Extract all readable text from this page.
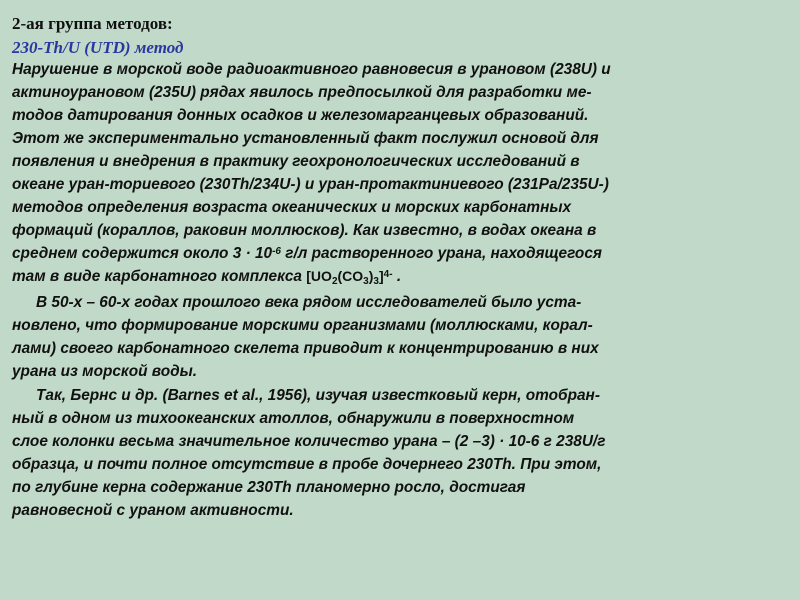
2-ая группа методов:
230-Th/U (UTD) метод
Нарушение в морской воде радиоактивного равновесия в урановом (238U) и
актиноурановом (235U) рядах явилось предпосылкой для разработки ме-
тодов датирования донных осадков и железомарганцевых образований.
Этот же экспериментально установленный факт послужил основой для
появления и внедрения в практику геохронологических исследований в
океане уран-ториевого (230Th/234U-) и уран-протактиниевого (231Pa/235U-)
методов определения возраста океанических и морских карбонатных
формаций (кораллов, раковин моллюсков). Как известно, в водах океана в
среднем содержится около $3 \cdot 10^{-6}$ г/л растворенного урана, находящегося
там в виде карбонатного комплекса $[UO_2(CO_3)_3]^{4-}$ .
В 50-х – 60-х годах прошлого века рядом исследователей было уста-
новлено, что формирование морскими организмами (моллюсками, корал-
лами) своего карбонатного скелета приводит к концентрированию в них
урана из морской воды.
Так, Бернс и др. (Barnes et al., 1956), изучая известковый керн, отобран-
ный в одном из тихоокеанских атоллов, обнаружили в поверхностном
слое колонки весьма значительное количество урана – (2 –3) · 10-6 г 238U/г
образца, и почти полное отсутствие в пробе дочернего 230Th. При этом,
по глубине керна содержание 230Th планомерно росло, достигая
равновесной с ураном активности.
